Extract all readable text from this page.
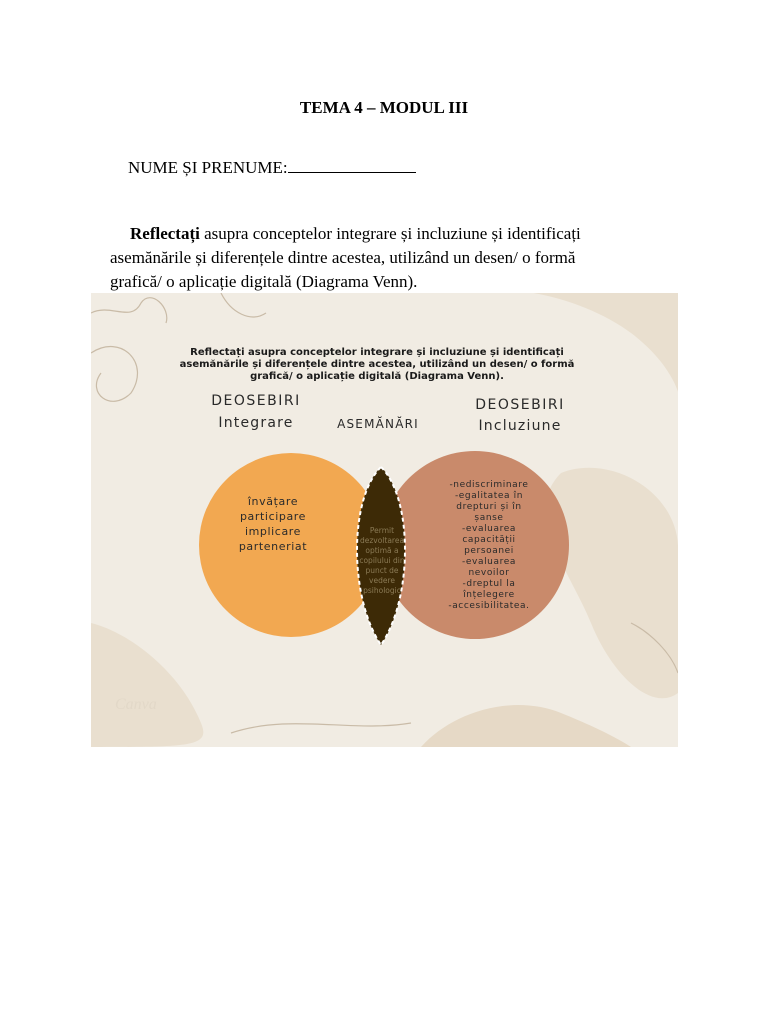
TEMA 4 – MODUL III
NUME ȘI PRENUME:
Reflectați asupra conceptelor integrare și incluziune și identificați asemănările și diferențele dintre acestea, utilizând un desen/ o formă grafică/ o aplicație digitală (Diagrama Venn).
Reflectați asupra conceptelor integrare și incluziune și identificați
asemănările și diferențele dintre acestea, utilizând un desen/ o formă
grafică/ o aplicație digitală (Diagrama Venn).
DEOSEBIRI
Integrare	ASEMĂNĂRI
DEOSEBIRI
Incluziune
învățare
participare
implicare
parteneriat
Permit
dezvoltarea
optimă a
copilului din
punct de
vedere
psihologic
-nediscriminare
-egalitatea în
drepturi și în
șanse
-evaluarea
capacității
persoanei
-evaluarea
nevoilor
-dreptul la
înțelegere
-accesibilitatea.
Canva
